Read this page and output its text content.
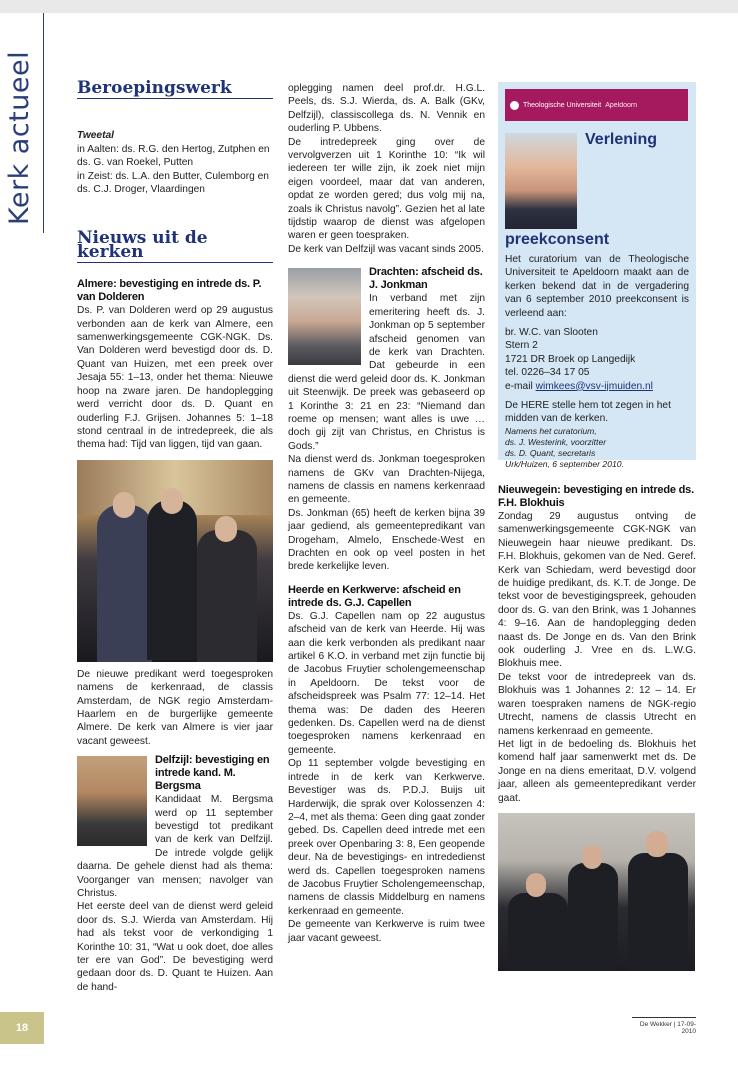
Kerk actueel Beroepingswerk

Tweetal

in Aalten: ds. R.G. den Hertog, Zutphen en ds. G. van Roekel, Putten

in Zeist: ds. L.A. den Butter, Culemborg en ds. C.J. Droger, Vlaardingen

Nieuws uit de kerken
Almere: bevestiging en intrede ds. P. van Dolderen

Ds. P. van Dolderen werd op 29 augustus verbonden aan de kerk van Almere, een samenwerkingsgemeente CGK-NGK. Ds. Van Dolderen werd bevestigd door ds. D. Quant van Huizen, met een preek over Jesaja 55: 1–13, onder het thema: Nieuwe hoop na zware jaren. De handoplegging werd verricht door ds. D. Quant en ouderling F.J. Grijsen. Johannes 5: 1–18 stond centraal in de intredepreek, die als thema had: Tijd van liggen, tijd van gaan.

De nieuwe predikant werd toegesproken namens de kerkenraad, de classis Amsterdam, de NGK regio Amsterdam-Haarlem en de burgerlijke gemeente Almere. De kerk van Almere is vier jaar vacant geweest.

Delfzijl: bevestiging en intrede kand. M. Bergsma

Kandidaat M. Bergsma werd op 11 september bevestigd tot predikant van de kerk van Delfzijl. De intrede volgde gelijk daarna. De gehele dienst had als thema: Voorganger van mensen; navolger van Christus.

Het eerste deel van de dienst werd geleid door ds. S.J. Wierda van Amsterdam. Hij had als tekst voor de verkondiging 1 Korinthe 10: 31, “Wat u ook doet, doe alles ter ere van God”. De bevestiging werd gedaan door ds. D. Quant te Huizen. Aan de hand-

oplegging namen deel prof.dr. H.G.L. Peels, ds. S.J. Wierda, ds. A. Balk (GKv, Delfzijl), classiscollega ds. N. Vennik en ouderling P. Ubbens.

De intredepreek ging over de vervolgverzen uit 1 Korinthe 10: “Ik wil iedereen ter wille zijn, ik zoek niet mijn eigen voordeel, maar dat van anderen, opdat ze worden gered; dus volg mij na, zoals ik Christus navolg”. Gezien het al late tijdstip waarop de dienst was afgelopen waren er geen toespraken.

De kerk van Delfzijl was vacant sinds 2005.

Drachten: afscheid ds. J. Jonkman

In verband met zijn emeritering heeft ds. J. Jonkman op 5 september afscheid genomen van de kerk van Drachten. Dat gebeurde in een dienst die werd geleid door ds. K. Jonkman uit Steenwijk. De preek was gebaseerd op 1 Korinthe 3: 21 en 23: “Niemand dan roeme op mensen; want alles is uwe … doch gij zijt van Christus, en Christus is Gods.”

Na dienst werd ds. Jonkman toegesproken namens de GKv van Drachten-Nijega, namens de classis en namens kerkenraad en gemeente.

Ds. Jonkman (65) heeft de kerken bijna 39 jaar gediend, als gemeentepredikant van Drogeham, Almelo, Enschede-West en Drachten en ook op veel posten in het brede kerkelijke leven.

Heerde en Kerkwerve: afscheid en intrede ds. G.J. Capellen

Ds. G.J. Capellen nam op 22 augustus afscheid van de kerk van Heerde. Hij was aan die kerk verbonden als predikant naar artikel 6 K.O. in verband met zijn functie bij de Jacobus Fruytier scholengemeenschap in Apeldoorn. De tekst voor de afscheidspreek was Psalm 77: 12–14. Het thema was: De daden des Heeren gedenken. Ds. Capellen werd na de dienst toegesproken namens kerkenraad en gemeente.

Op 11 september volgde bevestiging en intrede in de kerk van Kerkwerve. Bevestiger was ds. P.D.J. Buijs uit Harderwijk, die sprak over Kolossenzen 4: 2–4, met als thema: Geen ding gaat zonder gebed. Ds. Capellen deed intrede met een preek over Openbaring 3: 8, Een geopende deur. Na de bevestigings- en intrededienst werd ds. Capellen toegesproken namens de Jacobus Fruytier Scholengemeenschap, namens de classis Middelburg en namens kerkenraad en gemeente.

De gemeente van Kerkwerve is ruim twee jaar vacant geweest.

Theologische Universiteit Apeldoorn
Verlening preekconsent

Het curatorium van de Theologische Universiteit te Apeldoorn maakt aan de kerken bekend dat in de vergadering van 6 september 2010 preekconsent is verleend aan:

br. W.C. van Slooten

Stern 2

1721 DR Broek op Langedijk

tel. 0226–34 17 05

e-mail wimkees@vsv-ijmuiden.nl

De HERE stelle hem tot zegen in het midden van de kerken.

Namens het curatorium,

ds. J. Westerink, voorzitter

ds. D. Quant, secretaris

Urk/Huizen, 6 september 2010.

Nieuwegein: bevestiging en intrede ds. F.H. Blokhuis

Zondag 29 augustus ontving de samenwerkingsgemeente CGK-NGK van Nieuwegein haar nieuwe predikant. Ds. F.H. Blokhuis, gekomen van de Ned. Geref. Kerk van Schiedam, werd bevestigd door de huidige predikant, ds. K.T. de Jonge. De tekst voor de bevestigingspreek, gehouden door ds. G. van den Brink, was 1 Johannes 4: 9–16. Aan de handoplegging deden naast ds. De Jonge en ds. Van den Brink ook ouderling J. Vree en ds. L.W.G. Blokhuis mee.

De tekst voor de intredepreek van ds. Blokhuis was 1 Johannes 2: 12 – 14. Er waren toespraken namens de NGK-regio Utrecht, namens de classis Utrecht en namens kerkenraad en gemeente.

Het ligt in de bedoeling ds. Blokhuis het komend half jaar samenwerkt met ds. De Jonge en na diens emeritaat, D.V. volgend jaar, alleen als gemeentepredikant verder gaat.

18	De Wekker | 17-09-2010
